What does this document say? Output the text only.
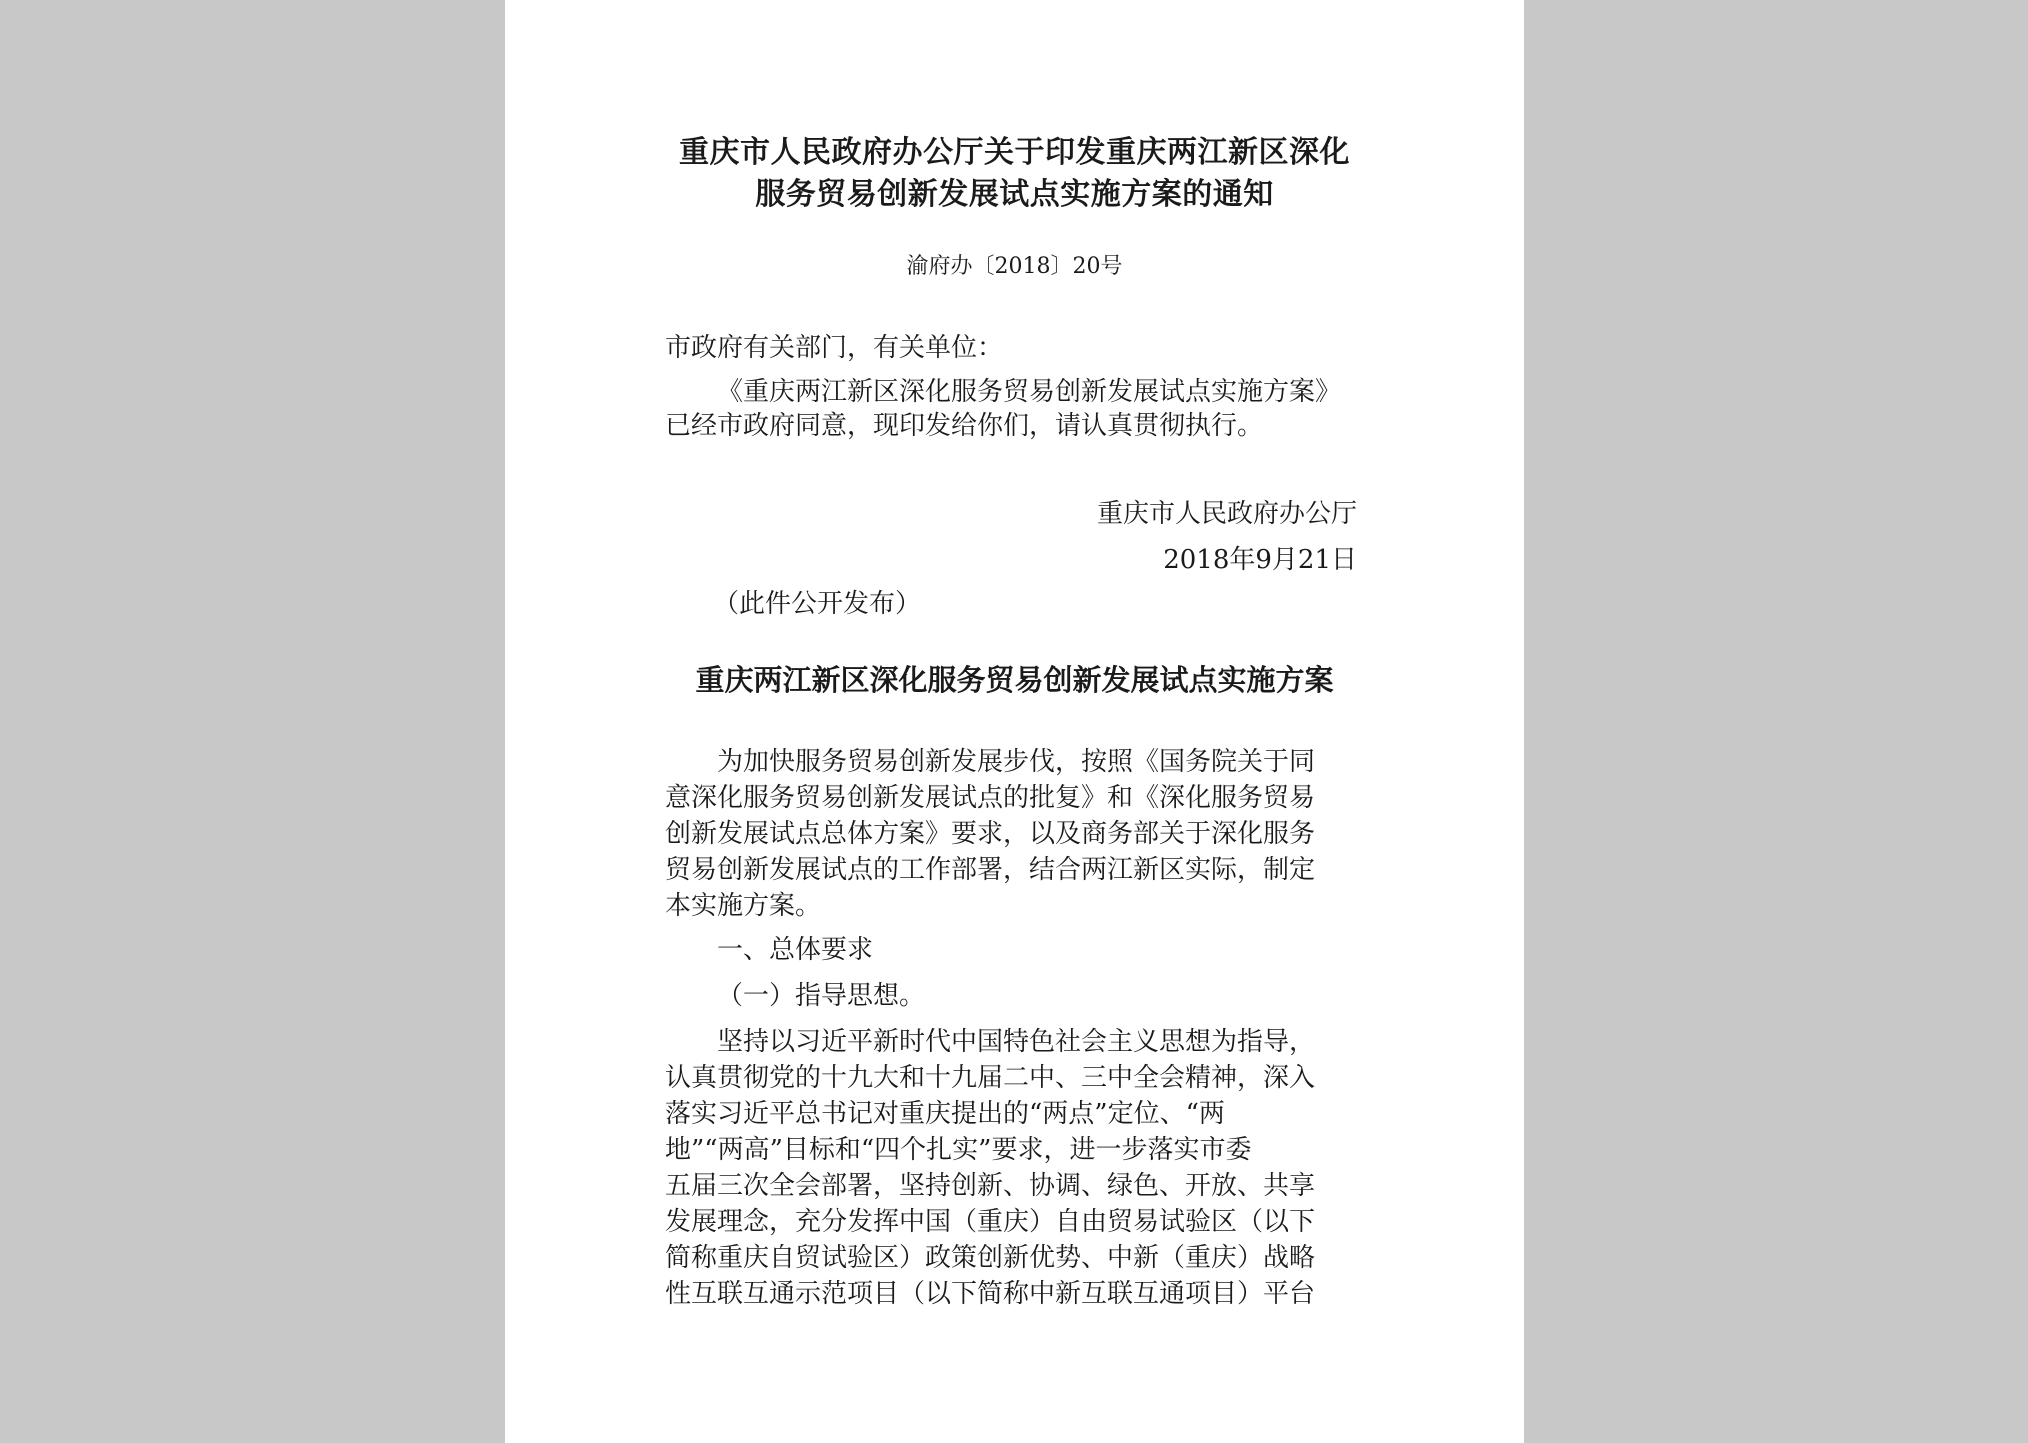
重庆市人民政府办公厅关于印发重庆两江新区深化
服务贸易创新发展试点实施方案的通知
渝府办〔2018〕20号
市政府有关部门，有关单位：
《重庆两江新区深化服务贸易创新发展试点实施方案》
已经市政府同意，现印发给你们，请认真贯彻执行。
重庆市人民政府办公厅
2018年9月21日
（此件公开发布）
重庆两江新区深化服务贸易创新发展试点实施方案
为加快服务贸易创新发展步伐，按照《国务院关于同
意深化服务贸易创新发展试点的批复》和《深化服务贸易
创新发展试点总体方案》要求，以及商务部关于深化服务
贸易创新发展试点的工作部署，结合两江新区实际，制定
本实施方案。
一、总体要求
（一）指导思想。
坚持以习近平新时代中国特色社会主义思想为指导，
认真贯彻党的十九大和十九届二中、三中全会精神，深入
落实习近平总书记对重庆提出的“两点”定位、“两
地”“两高”目标和“四个扎实”要求，进一步落实市委
五届三次全会部署，坚持创新、协调、绿色、开放、共享
发展理念，充分发挥中国（重庆）自由贸易试验区（以下
简称重庆自贸试验区）政策创新优势、中新（重庆）战略
性互联互通示范项目（以下简称中新互联互通项目）平台
